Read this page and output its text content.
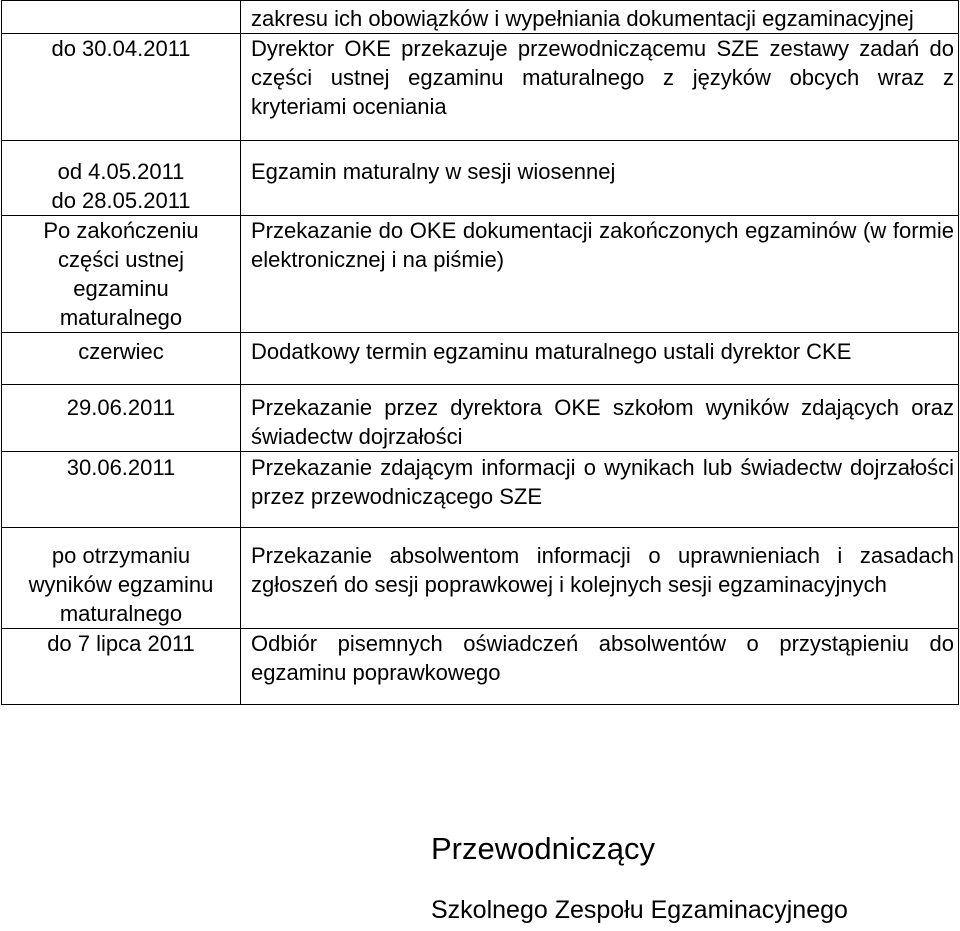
	zakresu ich obowiązków i wypełniania dokumentacji egzaminacyjnej

do 30.04.2011	Dyrektor OKE przekazuje przewodniczącemu SZE zestawy zadań do części ustnej egzaminu maturalnego z języków obcych wraz z kryteriami oceniania

od 4.05.2011
do 28.05.2011	Egzamin maturalny w sesji wiosennej

Po zakończeniu
części ustnej
egzaminu
maturalnego	Przekazanie do OKE dokumentacji zakończonych egzaminów (w formie elektronicznej i na piśmie)

czerwiec	Dodatkowy termin egzaminu maturalnego ustali dyrektor CKE

29.06.2011	Przekazanie przez dyrektora OKE szkołom wyników zdających oraz świadectw dojrzałości

30.06.2011	Przekazanie zdającym informacji o wynikach lub świadectw dojrzałości przez przewodniczącego SZE

po otrzymaniu
wyników egzaminu
maturalnego	Przekazanie absolwentom informacji o uprawnieniach i zasadach zgłoszeń do sesji poprawkowej i kolejnych sesji egzaminacyjnych

do 7 lipca 2011	Odbiór pisemnych oświadczeń absolwentów o przystąpieniu do egzaminu poprawkowego
Przewodniczący
Szkolnego Zespołu Egzaminacyjnego
